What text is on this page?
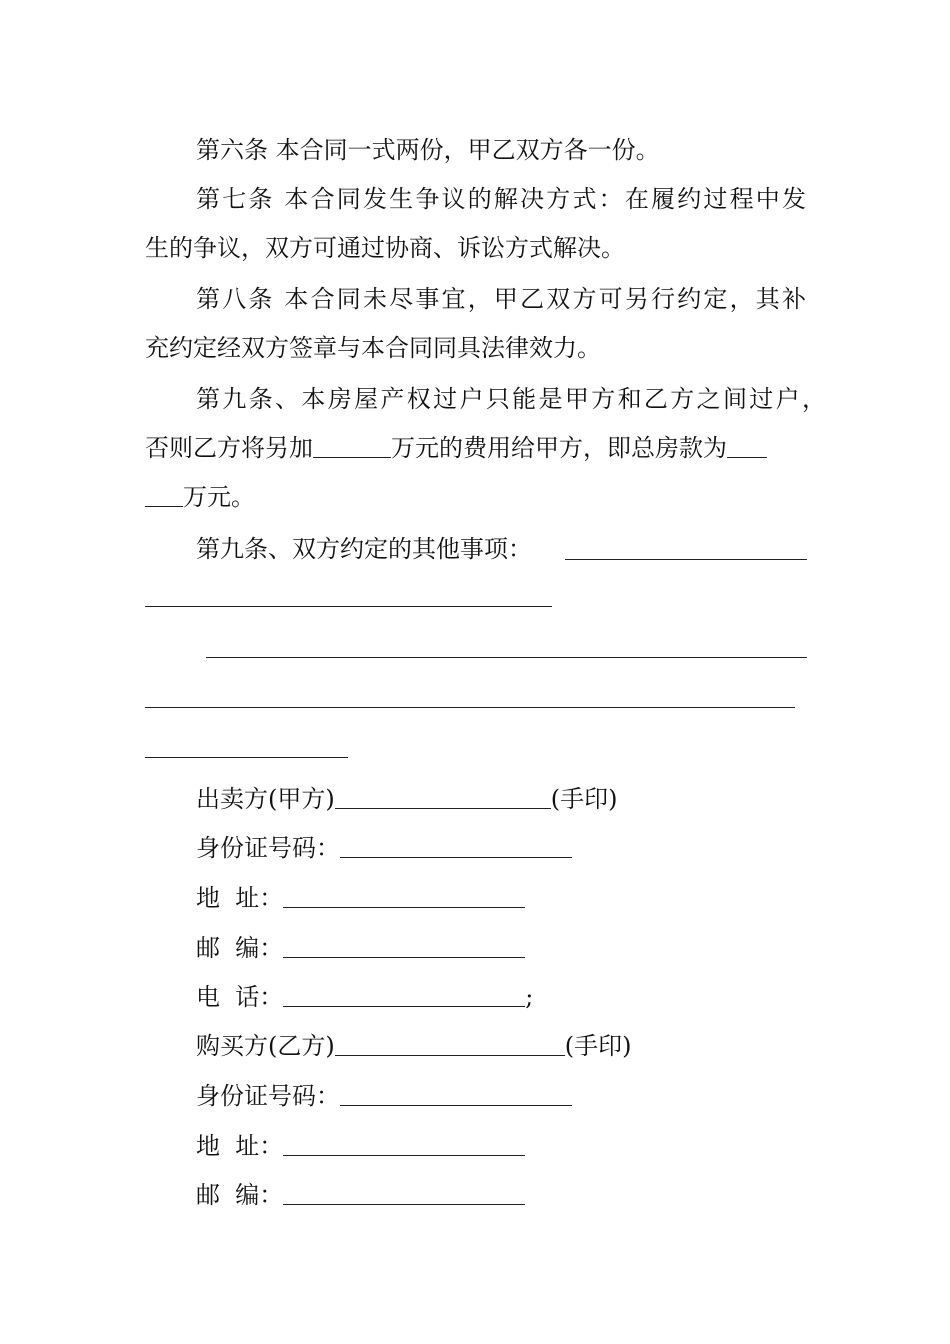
第六条 本合同一式两份，甲乙双方各一份。
第七条 本合同发生争议的解决方式：在履约过程中发
生的争议，双方可通过协商、诉讼方式解决。
第八条 本合同未尽事宜，甲乙双方可另行约定，其补
充约定经双方签章与本合同同具法律效力。
第九条、本房屋产权过户只能是甲方和乙方之间过户，
否则乙方将另加	万元的费用给甲方，即总房款为
万元。
第九条、双方约定的其他事项：
出卖方(甲方)	(手印)
身份证号码：
地  址：
邮  编：
电  话：	;
购买方(乙方)	(手印)
身份证号码：
地  址：
邮  编：
